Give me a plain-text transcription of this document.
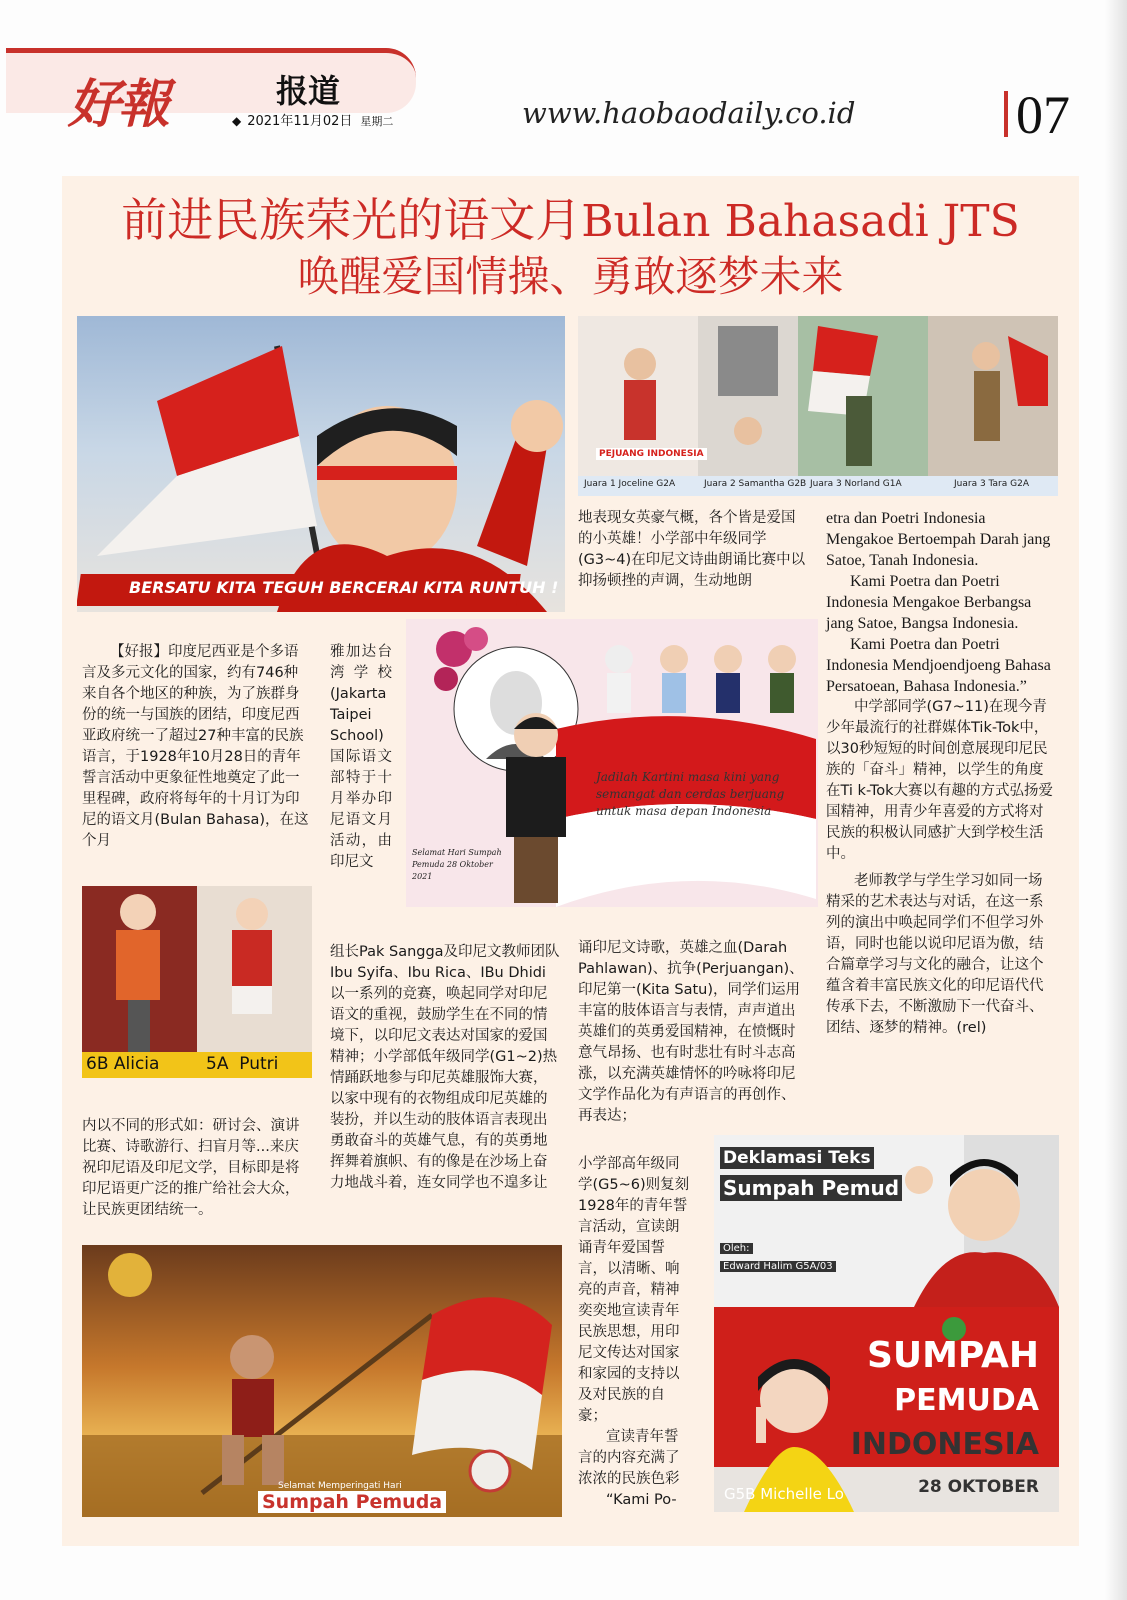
好報	报道
◆ 2021年11月02日 星期二	www.haobaodaily.co.id	07
前进民族荣光的语文月Bulan Bahasadi JTS
唤醒爱国情操、勇敢逐梦未来
BERSATU KITA TEGUH BERCERAI KITA RUNTUH !
PEJUANG INDONESIA
Juara 1 Joceline G2A	Juara 2 Samantha G2B Juara 3 Norland G1A	Juara 3 Tara G2A
地表现女英豪气概，各个皆是爱国的小英雄！小学部中年级同学(G3~4)在印尼文诗曲朗诵比赛中以抑扬顿挫的声调，生动地朗

etra dan Poetri Indonesia Mengakoe Bertoempah Darah jang Satoe, Tanah Indonesia.

Kami Poetra dan Poetri Indonesia Mengakoe Berbangsa jang Satoe, Bangsa Indonesia.

Kami Poetra dan Poetri Indonesia Mendjoendjoeng Bahasa Persatoean, Bahasa Indonesia.”

中学部同学(G7~11)在现今青少年最流行的社群媒体Tik-Tok中，以30秒短短的时间创意展现印尼民族的「奋斗」精神，以学生的角度在Ti k-Tok大赛以有趣的方式弘扬爱国精神，用青少年喜爱的方式将对民族的积极认同感扩大到学校生活中。

老师教学与学生学习如同一场精采的艺术表达与对话，在这一系列的演出中唤起同学们不但学习外语，同时也能以说印尼语为傲，结合篇章学习与文化的融合，让这个蕴含着丰富民族文化的印尼语代代传承下去，不断激励下一代奋斗、团结、逐梦的精神。(rel)

Jadilah Kartini masa kini yang semangat dan cerdas berjuang untuk masa depan Indonesia
Selamat Hari Sumpah Pemuda 28 Oktober 2021
【好报】印度尼西亚是个多语言及多元文化的国家，约有746种来自各个地区的种族，为了族群身份的统一与国族的团结，印度尼西亚政府统一了超过27种丰富的民族语言，于1928年10月28日的青年誓言活动中更象征性地奠定了此一里程碑，政府将每年的十月订为印尼的语文月(Bulan Bahasa)，在这个月
雅加达台湾学校(Jakarta Taipei School)国际语文部特于十月举办印尼语文月活动，由印尼文
6B Alicia	5A  Putri
组长Pak Sangga及印尼文教师团队Ibu Syifa、Ibu Rica、IBu Dhidi以一系列的竞赛，唤起同学对印尼语文的重视，鼓励学生在不同的情境下，以印尼文表达对国家的爱国精神；小学部低年级同学(G1~2)热情踊跃地参与印尼英雄服饰大赛，以家中现有的衣物组成印尼英雄的装扮，并以生动的肢体语言表现出勇敢奋斗的英雄气息，有的英勇地挥舞着旗帜、有的像是在沙场上奋力地战斗着，连女同学也不遑多让
诵印尼文诗歌，英雄之血(Darah Pahlawan)、抗争(Perjuangan)、印尼第一(Kita Satu)，同学们运用丰富的肢体语言与表情，声声道出英雄们的英勇爱国精神，在愤慨时意气昂扬、也有时悲壮有时斗志高涨，以充满英雄情怀的吟咏将印尼文学作品化为有声语言的再创作、再表达；
内以不同的形式如：研讨会、演讲比赛、诗歌游行、扫盲月等...来庆祝印尼语及印尼文学，目标即是将印尼语更广泛的推广给社会大众，让民族更团结统一。

小学部高年级同学(G5~6)则复刻1928年的青年誓言活动，宣读朗诵青年爱国誓言，以清晰、响亮的声音，精神奕奕地宣读青年民族思想，用印尼文传达对国家和家园的支持以及对民族的自豪；

宣读青年誓言的内容充满了浓浓的民族色彩

“Kami Po-

Deklamasi Teks
Sumpah Pemud
Oleh:
Edward Halim G5A/03
SUMPAH
PEMUDA
INDONESIA
28 OKTOBER
G5B Michelle Lo
Selamat Memperingati Hari
Sumpah Pemuda
